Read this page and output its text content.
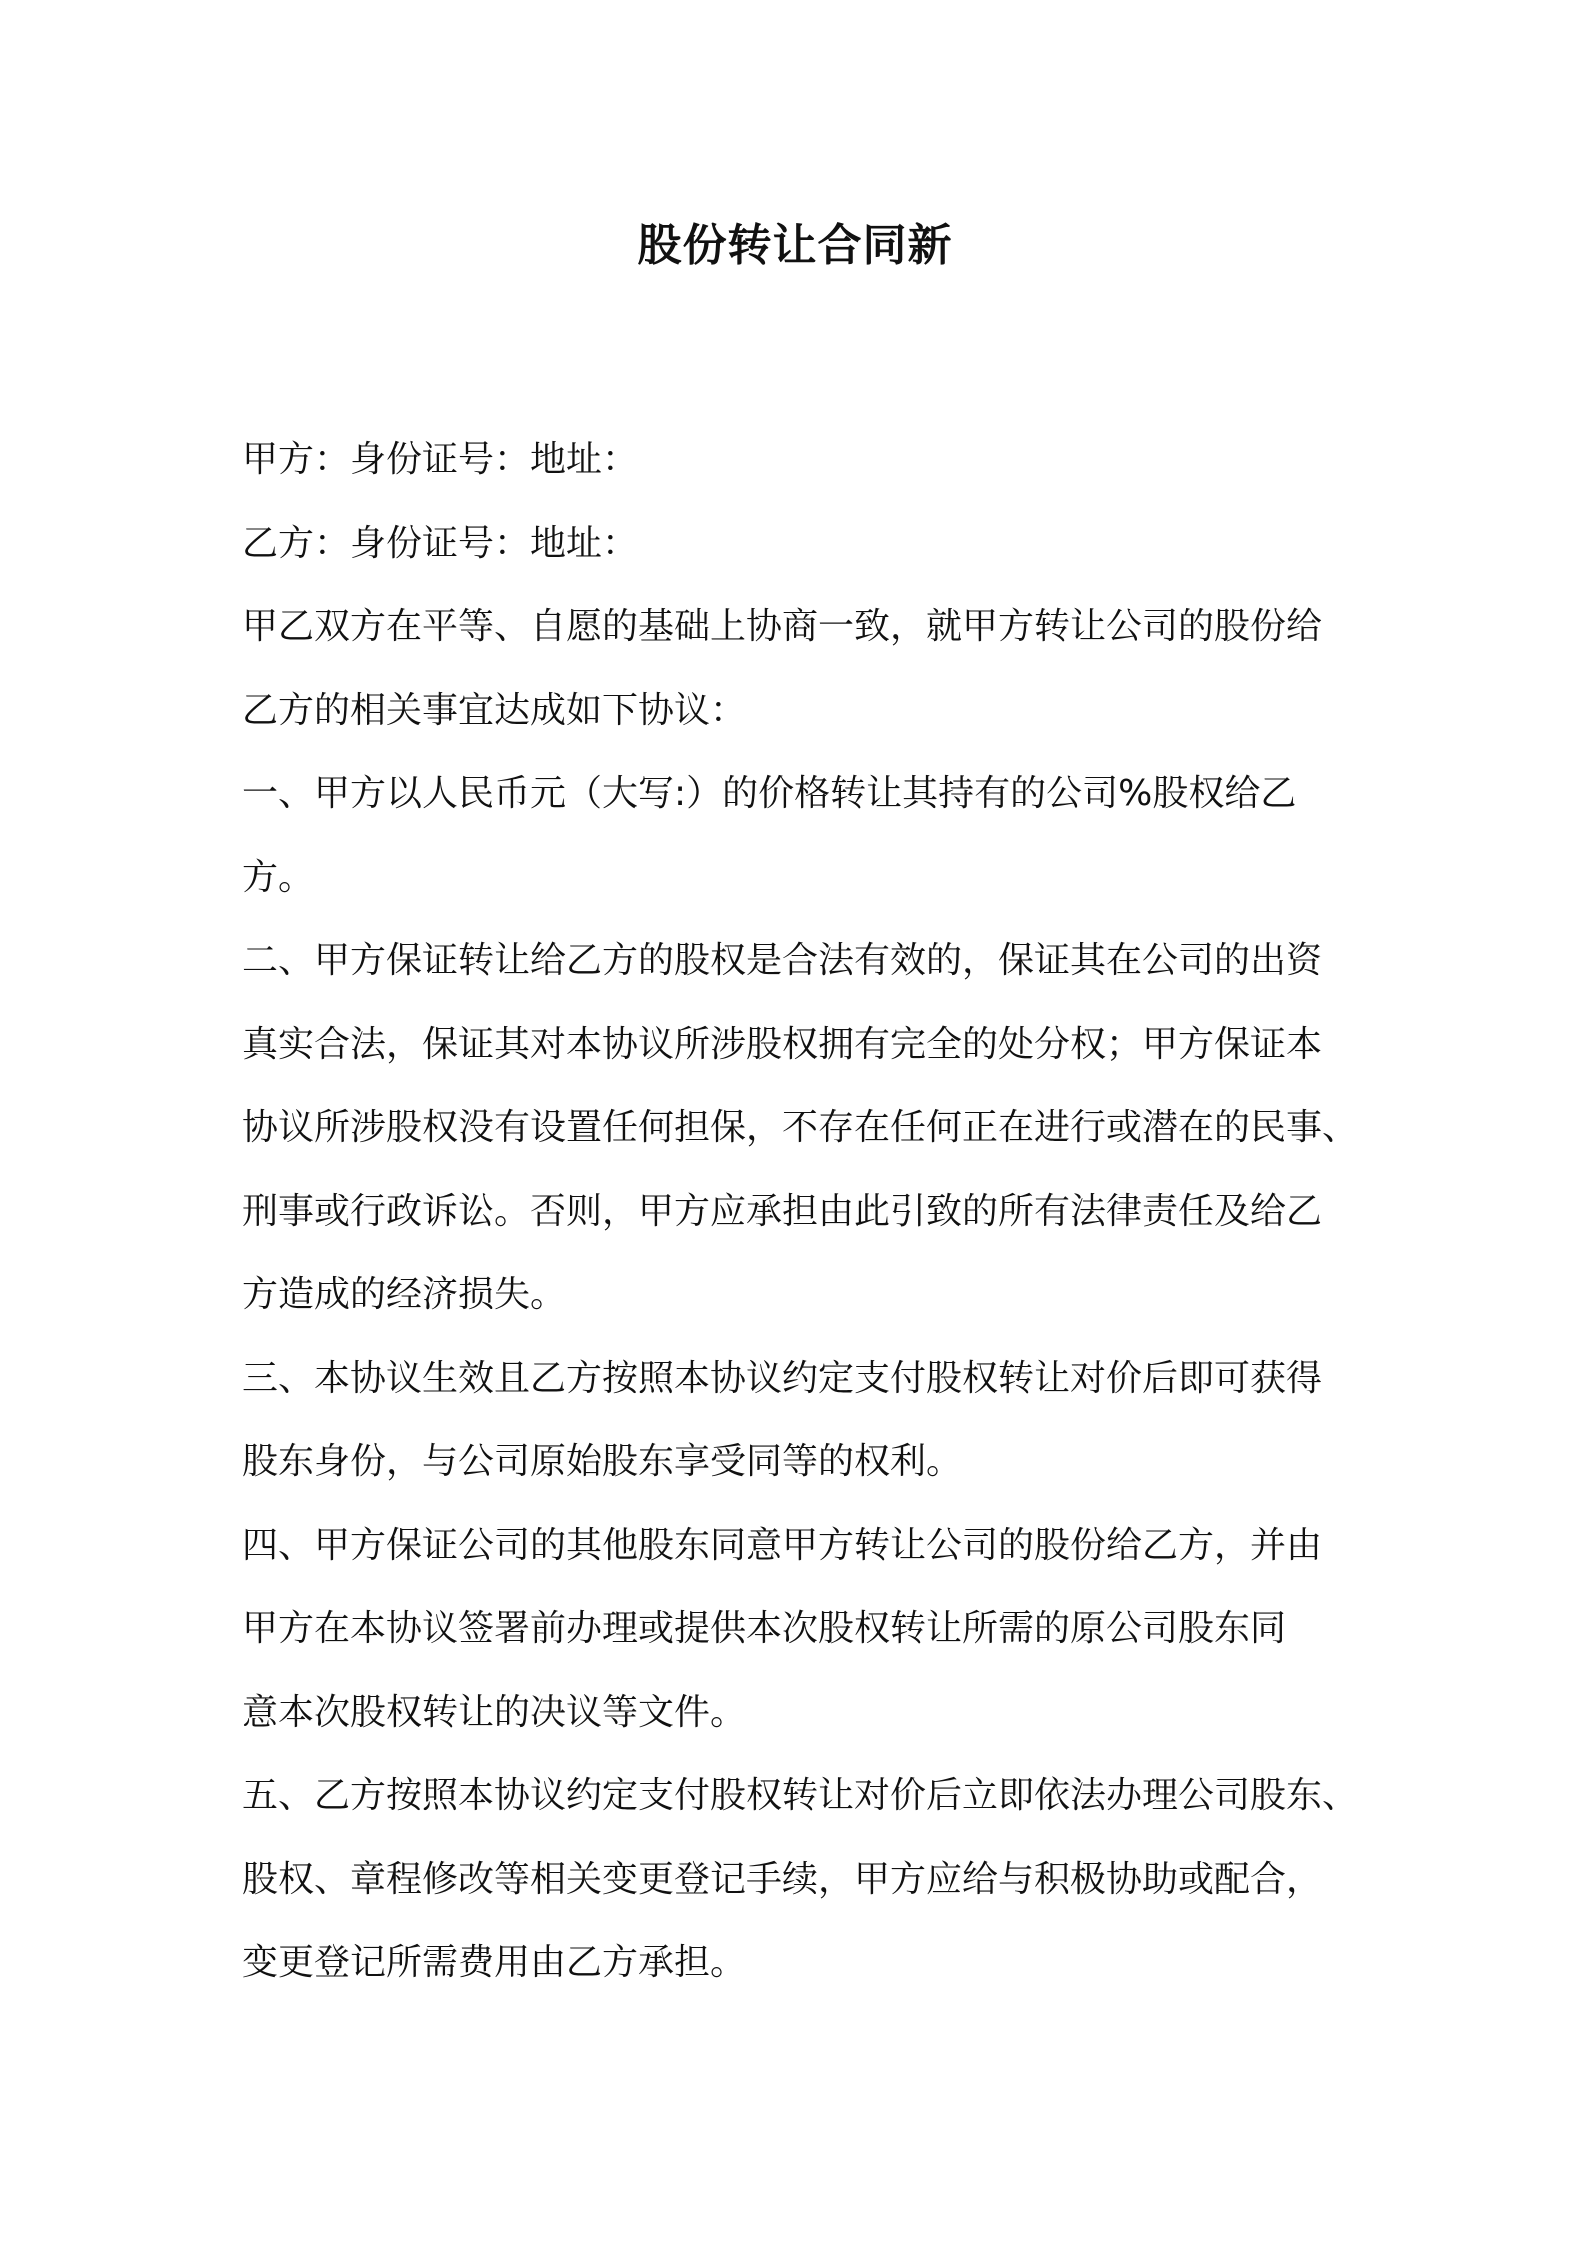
股份转让合同新

甲方：身份证号：地址：

乙方：身份证号：地址：

甲乙双方在平等、自愿的基础上协商一致，就甲方转让公司的股份给

乙方的相关事宜达成如下协议：

一、甲方以人民币元（大写:）的价格转让其持有的公司%股权给乙

方。

二、甲方保证转让给乙方的股权是合法有效的，保证其在公司的出资

真实合法，保证其对本协议所涉股权拥有完全的处分权；甲方保证本

协议所涉股权没有设置任何担保，不存在任何正在进行或潜在的民事、

刑事或行政诉讼。否则，甲方应承担由此引致的所有法律责任及给乙

方造成的经济损失。

三、本协议生效且乙方按照本协议约定支付股权转让对价后即可获得

股东身份，与公司原始股东享受同等的权利。

四、甲方保证公司的其他股东同意甲方转让公司的股份给乙方，并由

甲方在本协议签署前办理或提供本次股权转让所需的原公司股东同

意本次股权转让的决议等文件。

五、乙方按照本协议约定支付股权转让对价后立即依法办理公司股东、

股权、章程修改等相关变更登记手续，甲方应给与积极协助或配合，

变更登记所需费用由乙方承担。
